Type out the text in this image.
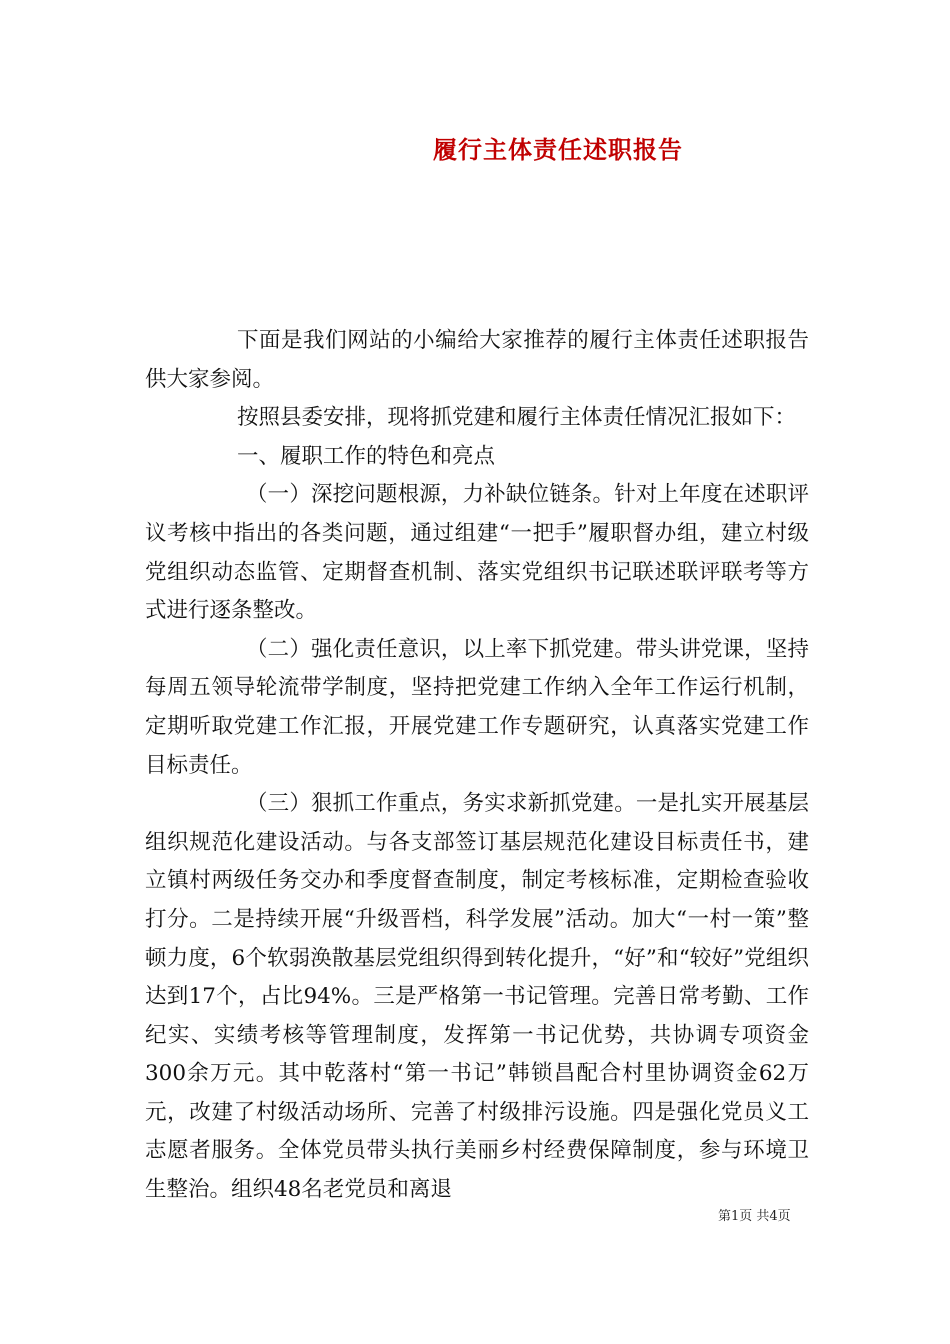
履行主体责任述职报告

下面是我们网站的小编给大家推荐的履行主体责任述职报告供大家参阅。

按照县委安排，现将抓党建和履行主体责任情况汇报如下：

一、履职工作的特色和亮点

（一）深挖问题根源，力补缺位链条。针对上年度在述职评议考核中指出的各类问题，通过组建“一把手”履职督办组，建立村级党组织动态监管、定期督查机制、落实党组织书记联述联评联考等方式进行逐条整改。

（二）强化责任意识，以上率下抓党建。带头讲党课，坚持每周五领导轮流带学制度，坚持把党建工作纳入全年工作运行机制，定期听取党建工作汇报，开展党建工作专题研究，认真落实党建工作目标责任。

（三）狠抓工作重点，务实求新抓党建。一是扎实开展基层组织规范化建设活动。与各支部签订基层规范化建设目标责任书，建立镇村两级任务交办和季度督查制度，制定考核标准，定期检查验收打分。二是持续开展“升级晋档，科学发展”活动。加大“一村一策”整顿力度，6个软弱涣散基层党组织得到转化提升，“好”和“较好”党组织达到17个，占比94%。三是严格第一书记管理。完善日常考勤、工作纪实、实绩考核等管理制度，发挥第一书记优势，共协调专项资金300余万元。其中乾落村“第一书记”韩锁昌配合村里协调资金62万元，改建了村级活动场所、完善了村级排污设施。四是强化党员义工志愿者服务。全体党员带头执行美丽乡村经费保障制度，参与环境卫生整治。组织48名老党员和离退

第1页 共4页
